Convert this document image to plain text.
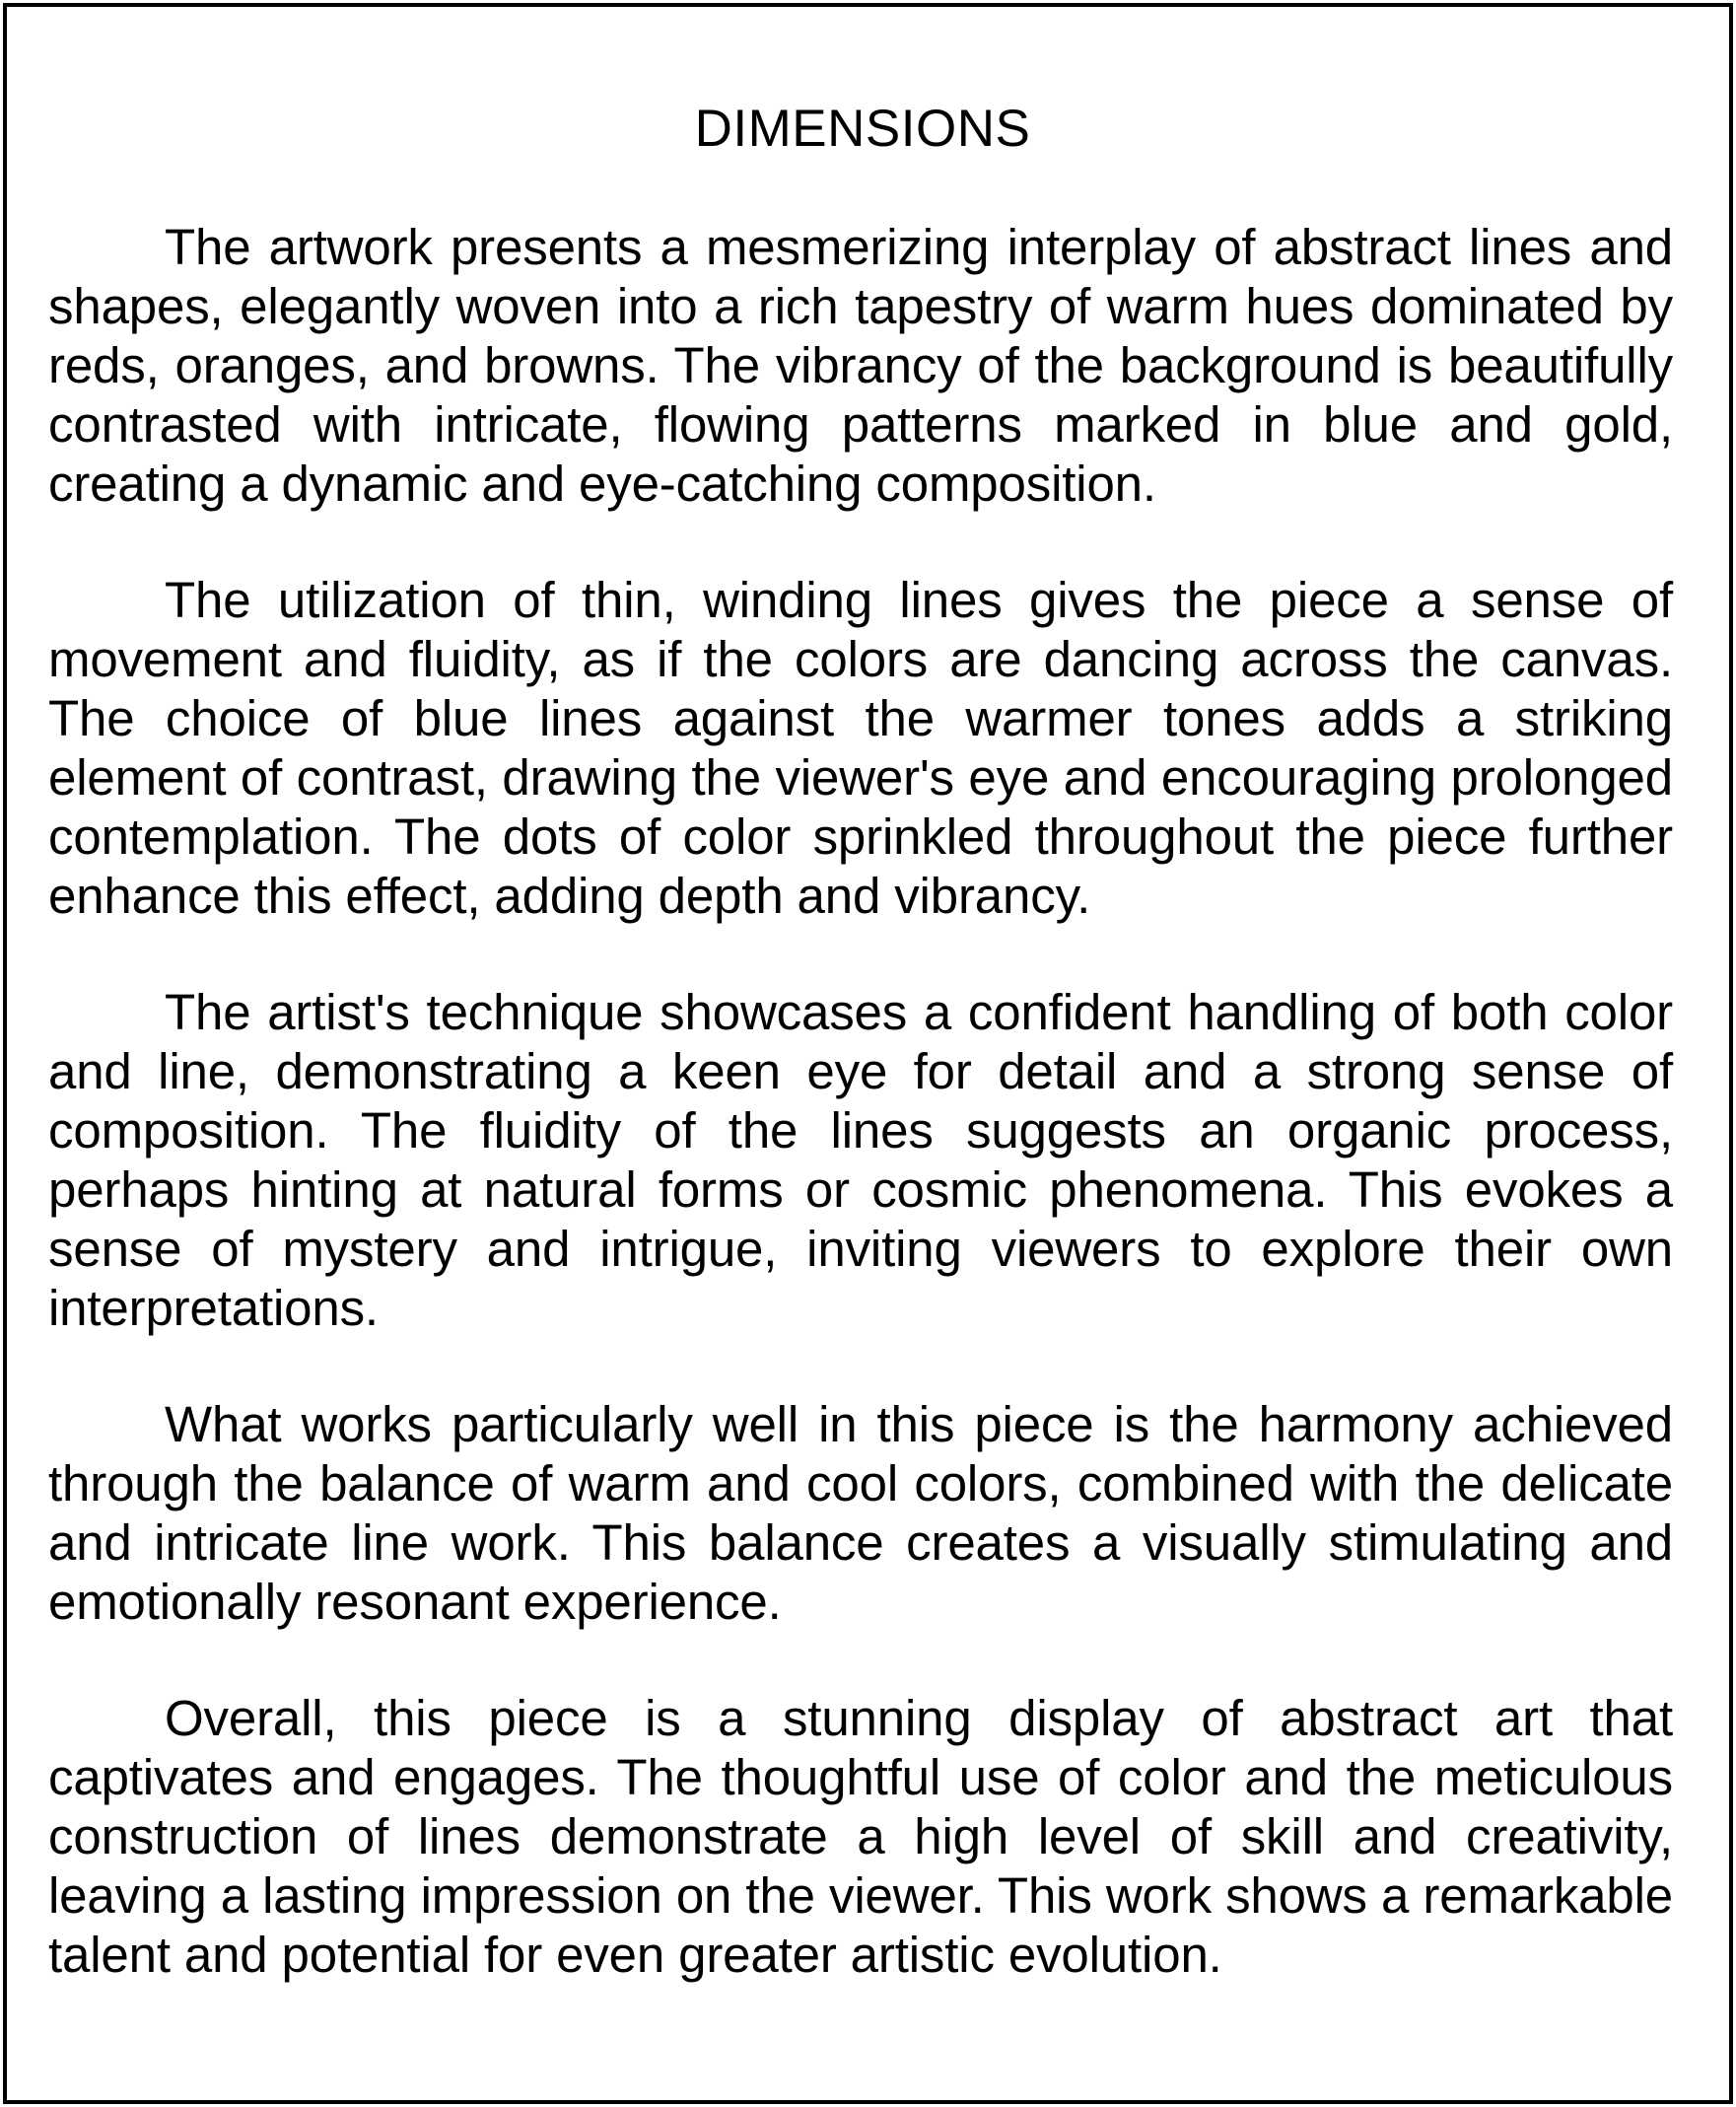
DIMENSIONS

The artwork presents a mesmerizing interplay of abstract lines and shapes, elegantly woven into a rich tapestry of warm hues dominated by reds, oranges, and browns. The vibrancy of the background is beautifully contrasted with intricate, flowing patterns marked in blue and gold, creating a dynamic and eye-catching composition.

The utilization of thin, winding lines gives the piece a sense of movement and fluidity, as if the colors are dancing across the canvas. The choice of blue lines against the warmer tones adds a striking element of contrast, drawing the viewer's eye and encouraging prolonged contemplation. The dots of color sprinkled throughout the piece further enhance this effect, adding depth and vibrancy.

The artist's technique showcases a confident handling of both color and line, demonstrating a keen eye for detail and a strong sense of composition. The fluidity of the lines suggests an organic process, perhaps hinting at natural forms or cosmic phenomena. This evokes a sense of mystery and intrigue, inviting viewers to explore their own interpretations.

What works particularly well in this piece is the harmony achieved through the balance of warm and cool colors, combined with the delicate and intricate line work. This balance creates a visually stimulating and emotionally resonant experience.

Overall, this piece is a stunning display of abstract art that captivates and engages. The thoughtful use of color and the meticulous construction of lines demonstrate a high level of skill and creativity, leaving a lasting impression on the viewer. This work shows a remarkable talent and potential for even greater artistic evolution.
